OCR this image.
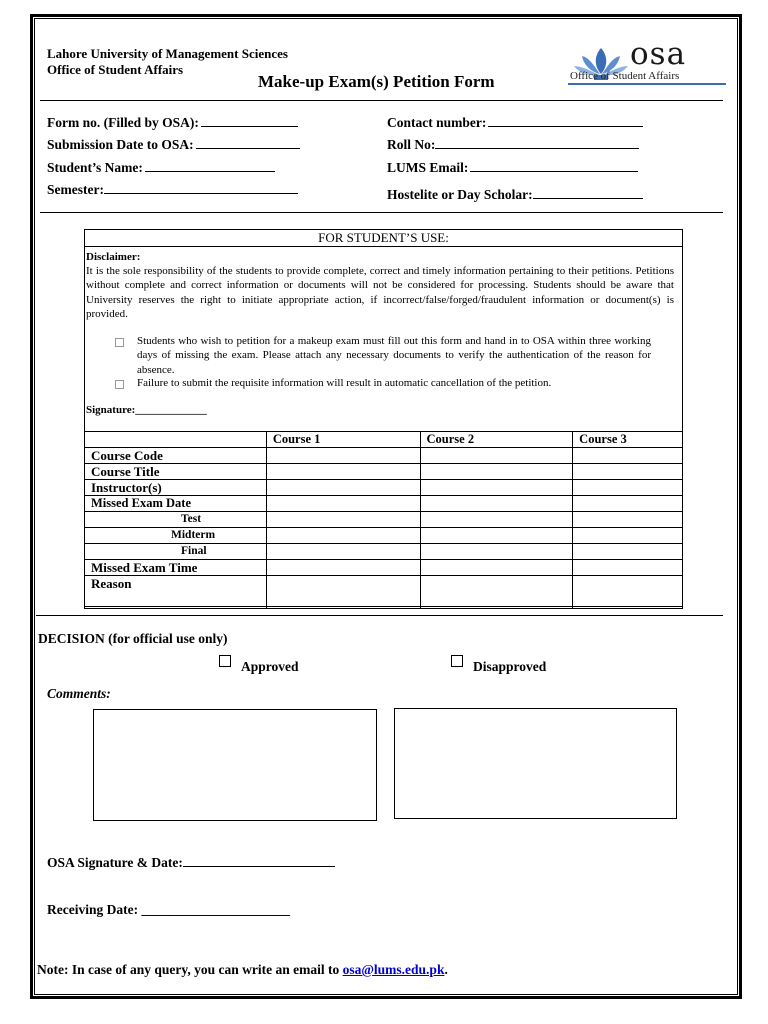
Lahore University of Management Sciences
Office of Student Affairs
Make-up Exam(s) Petition Form
osa
Office of Student Affairs
Form no. (Filled by OSA):
Submission Date to OSA:
Student’s Name:
Semester:
Contact number:
Roll No:
LUMS Email:
Hostelite or Day Scholar:
FOR STUDENT’S USE:
Disclaimer:
It is the sole responsibility of the students to provide complete, correct and timely information pertaining to their petitions. Petitions without complete and correct information or documents will not be considered for processing. Students should be aware that University reserves the right to initiate appropriate action, if incorrect/false/forged/fraudulent information or document(s) is provided.
Students who wish to petition for a makeup exam must fill out this form and hand in to OSA within three working days of missing the exam. Please attach any necessary documents to verify the authentication of the reason for absence.
Failure to submit the requisite information will result in automatic cancellation of the petition.
Signature:_____________
	Course 1	Course 2	Course 3
Course Code			
Course Title			
Instructor(s)			
Missed Exam Date			
Test			
Midterm			
Final			
Missed Exam Time			
Reason			
DECISION (for official use only)
Approved	Disapproved
Comments:
OSA Signature & Date:
Receiving Date: ______________________
Note: In case of any query, you can write an email to osa@lums.edu.pk.
